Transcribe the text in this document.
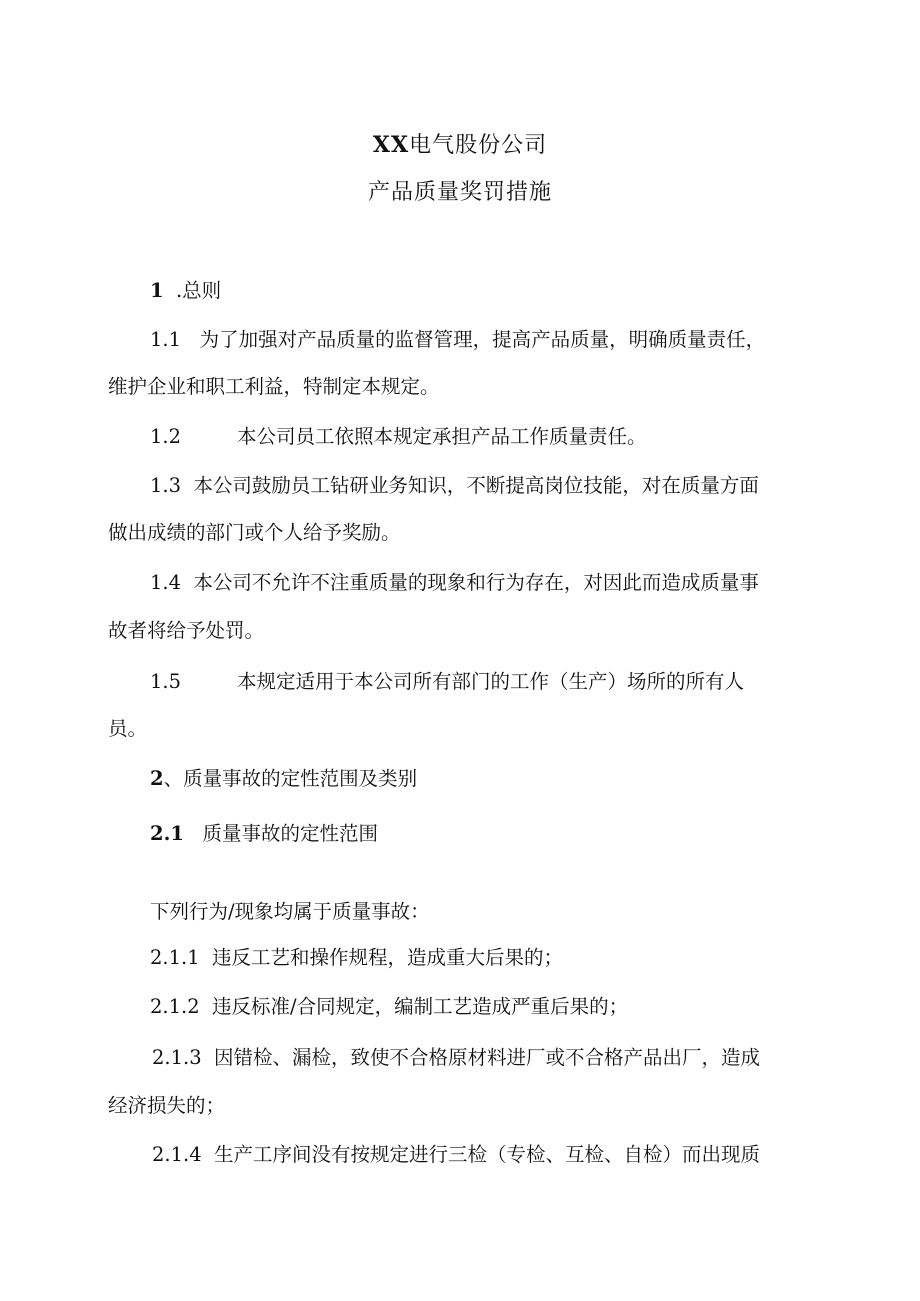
XX电气股份公司
产品质量奖罚措施
1 .总则
1.1 为了加强对产品质量的监督管理，提高产品质量，明确质量责任，
维护企业和职工利益，特制定本规定。
1.2	本公司员工依照本规定承担产品工作质量责任。
1.3 本公司鼓励员工钻研业务知识，不断提高岗位技能，对在质量方面
做出成绩的部门或个人给予奖励。
1.4 本公司不允许不注重质量的现象和行为存在，对因此而造成质量事
故者将给予处罚。
1.5	本规定适用于本公司所有部门的工作（生产）场所的所有人
员。
2、质量事故的定性范围及类别
2.1 质量事故的定性范围
下列行为/现象均属于质量事故：
2.1.1 违反工艺和操作规程，造成重大后果的；
2.1.2 违反标准/合同规定，编制工艺造成严重后果的；
2.1.3 因错检、漏检，致使不合格原材料进厂或不合格产品出厂，造成
经济损失的；
2.1.4 生产工序间没有按规定进行三检（专检、互检、自检）而出现质
